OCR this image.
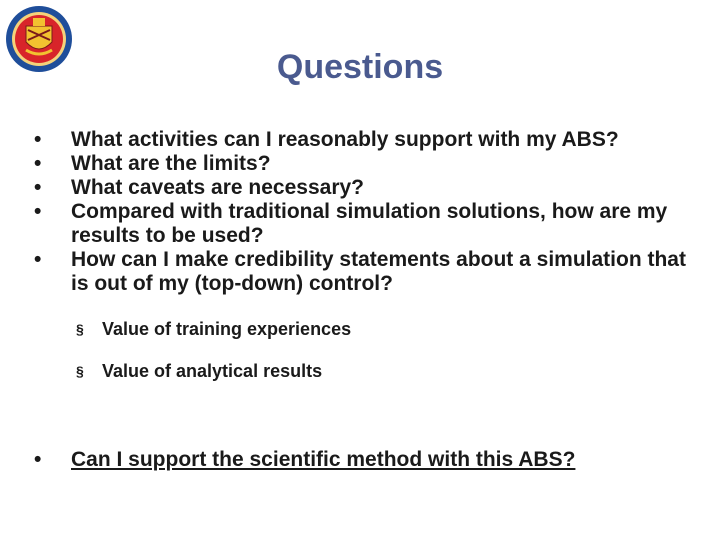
Questions

• What activities can I reasonably support with my ABS?

• What are the limits?

• What caveats are necessary?

• Compared with traditional simulation solutions, how are my results to be used?

• How can I make credibility statements about a simulation that is out of my (top-down) control?

§ Value of training experiences

§ Value of analytical results

• Can I support the scientific method with this ABS?
